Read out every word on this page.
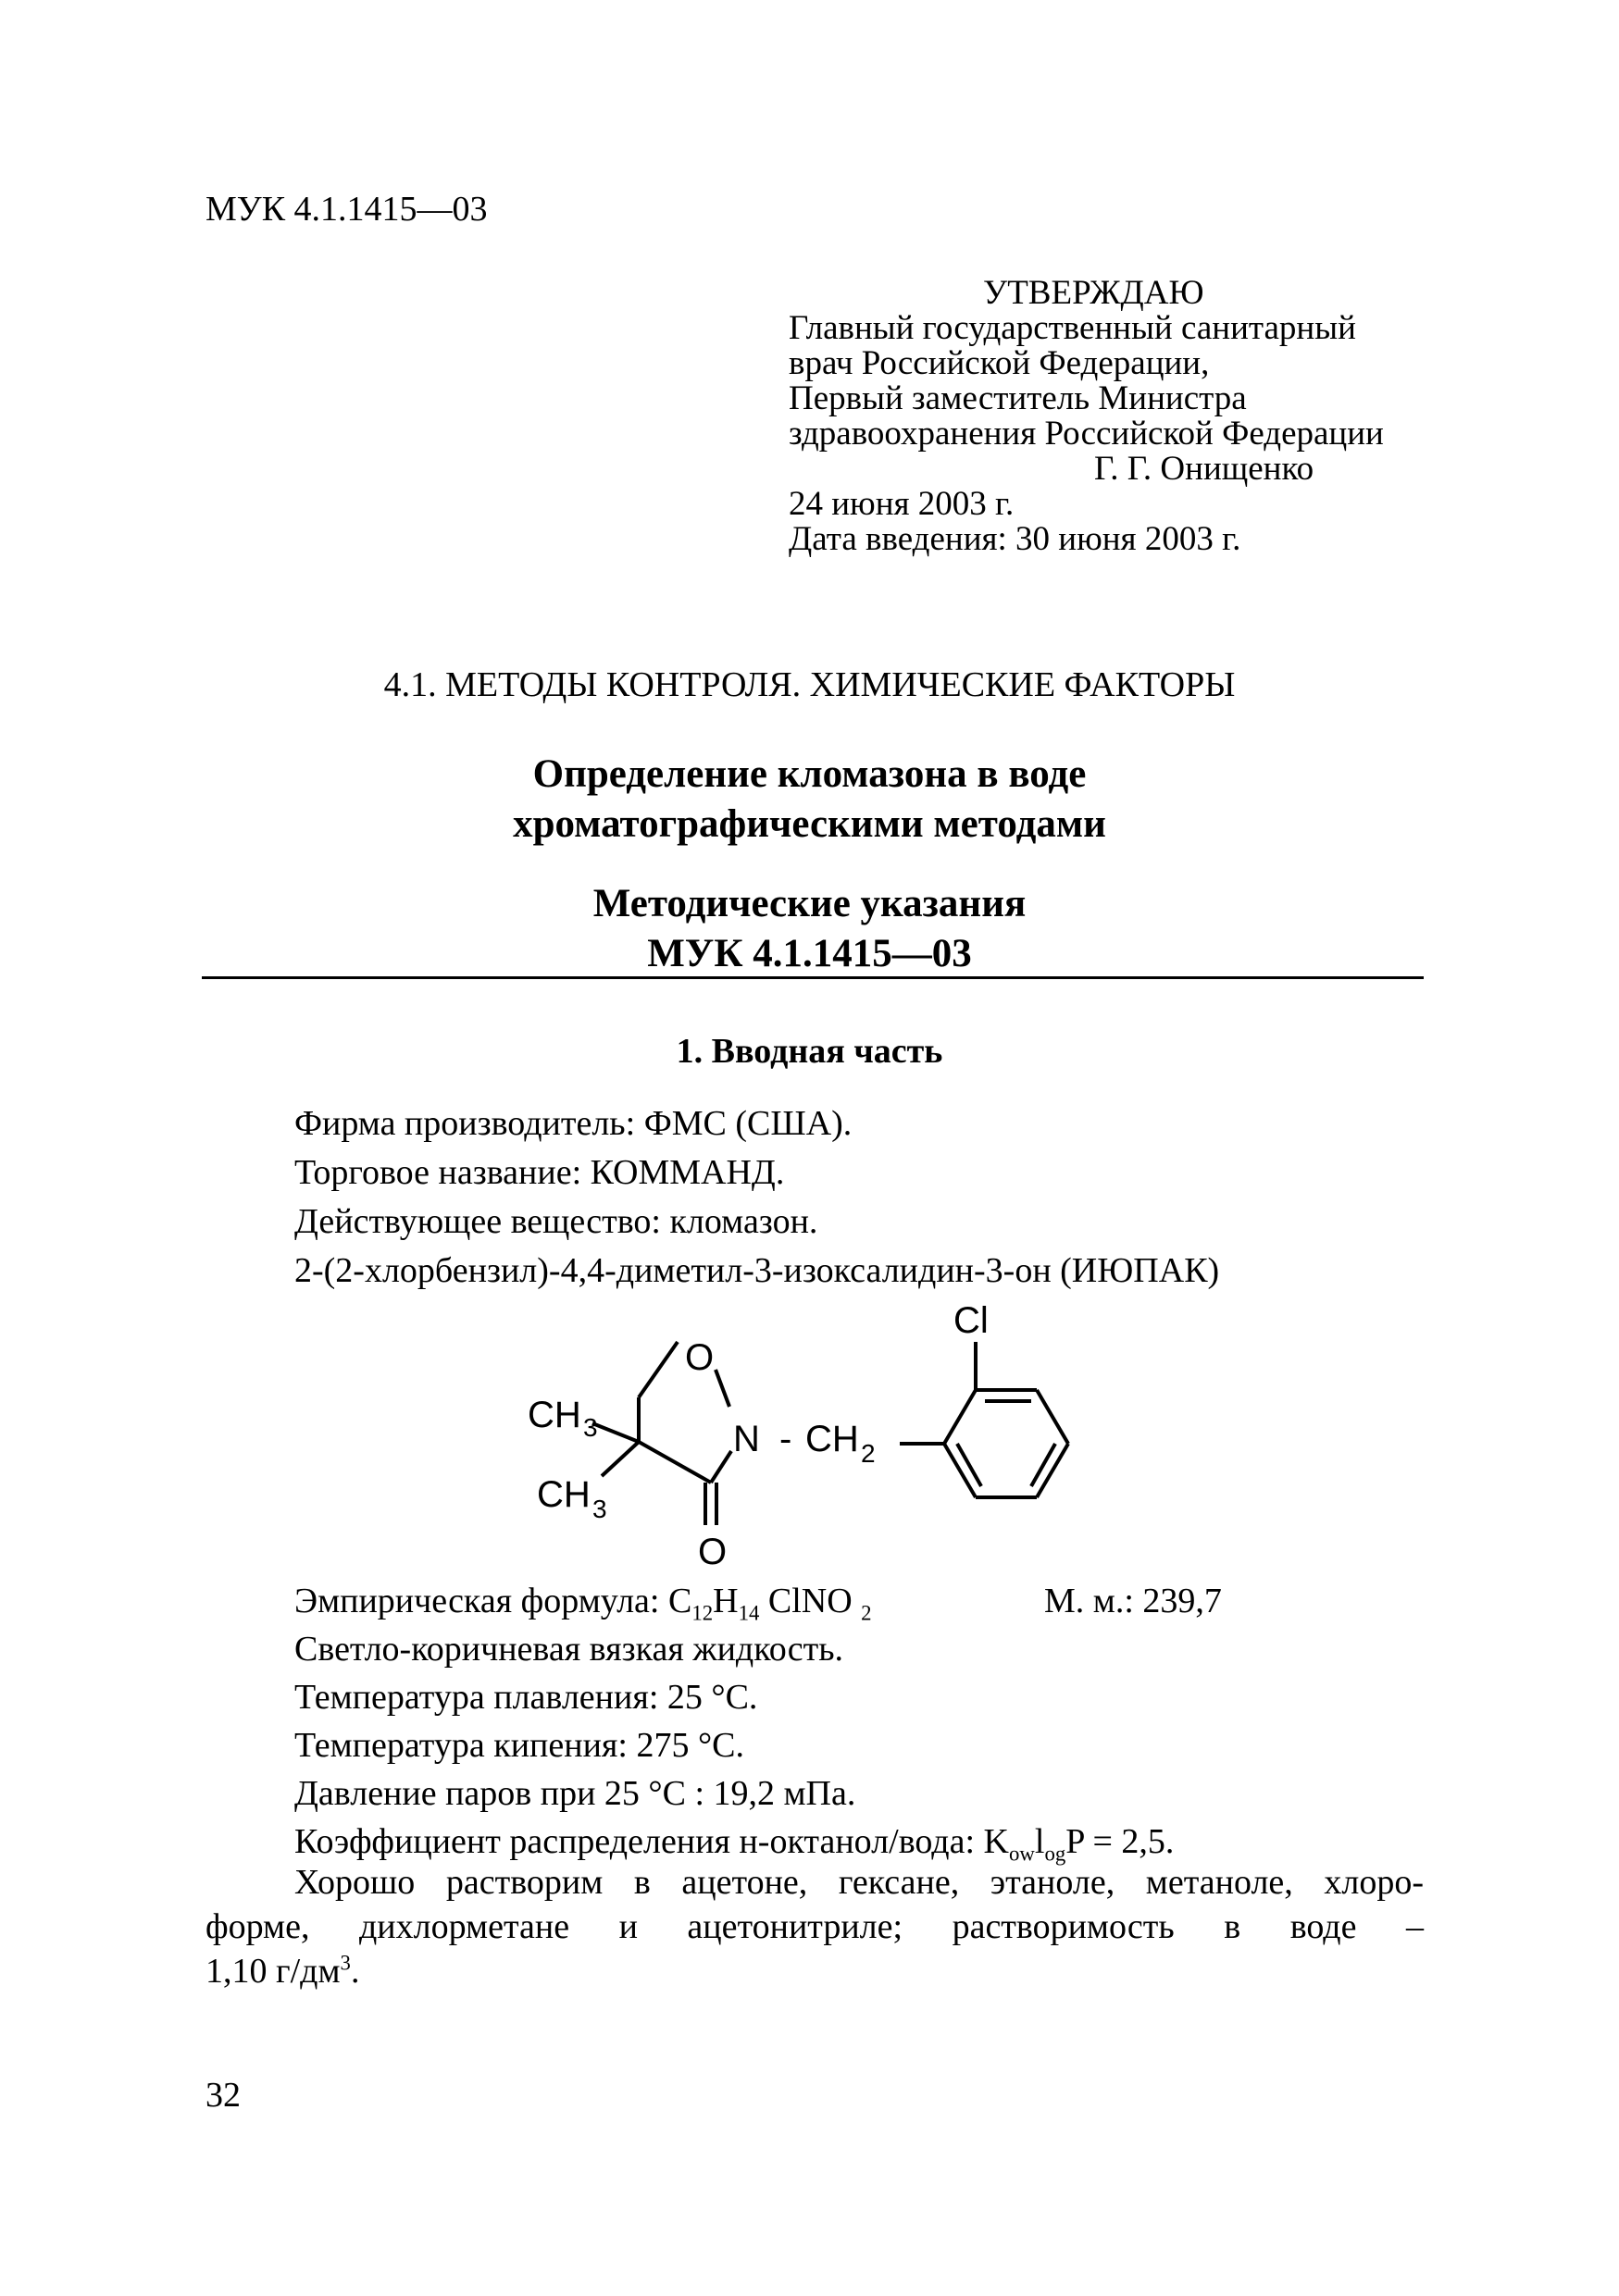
МУК 4.1.1415—03
УТВЕРЖДАЮ
Главный государственный санитарный
врач Российской Федерации,
Первый заместитель Министра
здравоохранения Российской Федерации
Г. Г. Онищенко
24 июня 2003 г.
Дата введения: 30 июня 2003 г.
4.1. МЕТОДЫ КОНТРОЛЯ. ХИМИЧЕСКИЕ ФАКТОРЫ
Определение кломазона в воде
хроматографическими методами
Методические указания
МУК 4.1.1415—03
1. Вводная часть
Фирма производитель: ФМС (США).
Торговое название: КОММАНД.
Действующее вещество: кломазон.
2-(2-хлорбензил)-4,4-диметил-3-изоксалидин-3-он (ИЮПАК)
Cl
O
CH 3	N - CH 2
CH 3
O
Эмпирическая формула: $C_{12}H_{14}$ ClNO $_2$	М. м.: 239,7
Светло-коричневая вязкая жидкость.
Температура плавления: 25 °С.
Температура кипения: 275 °С.
Давление паров при 25 °С : 19,2 мПа.
Коэффициент распределения н-октанол/вода: $K_{ow}l_{og}P = 2,5$.
Хорошо растворим в ацетоне, гексане, этаноле, метаноле, хлоро-
форме, дихлорметане и ацетонитриле; растворимость в воде –
1,10 $г/дм^3$.
32
